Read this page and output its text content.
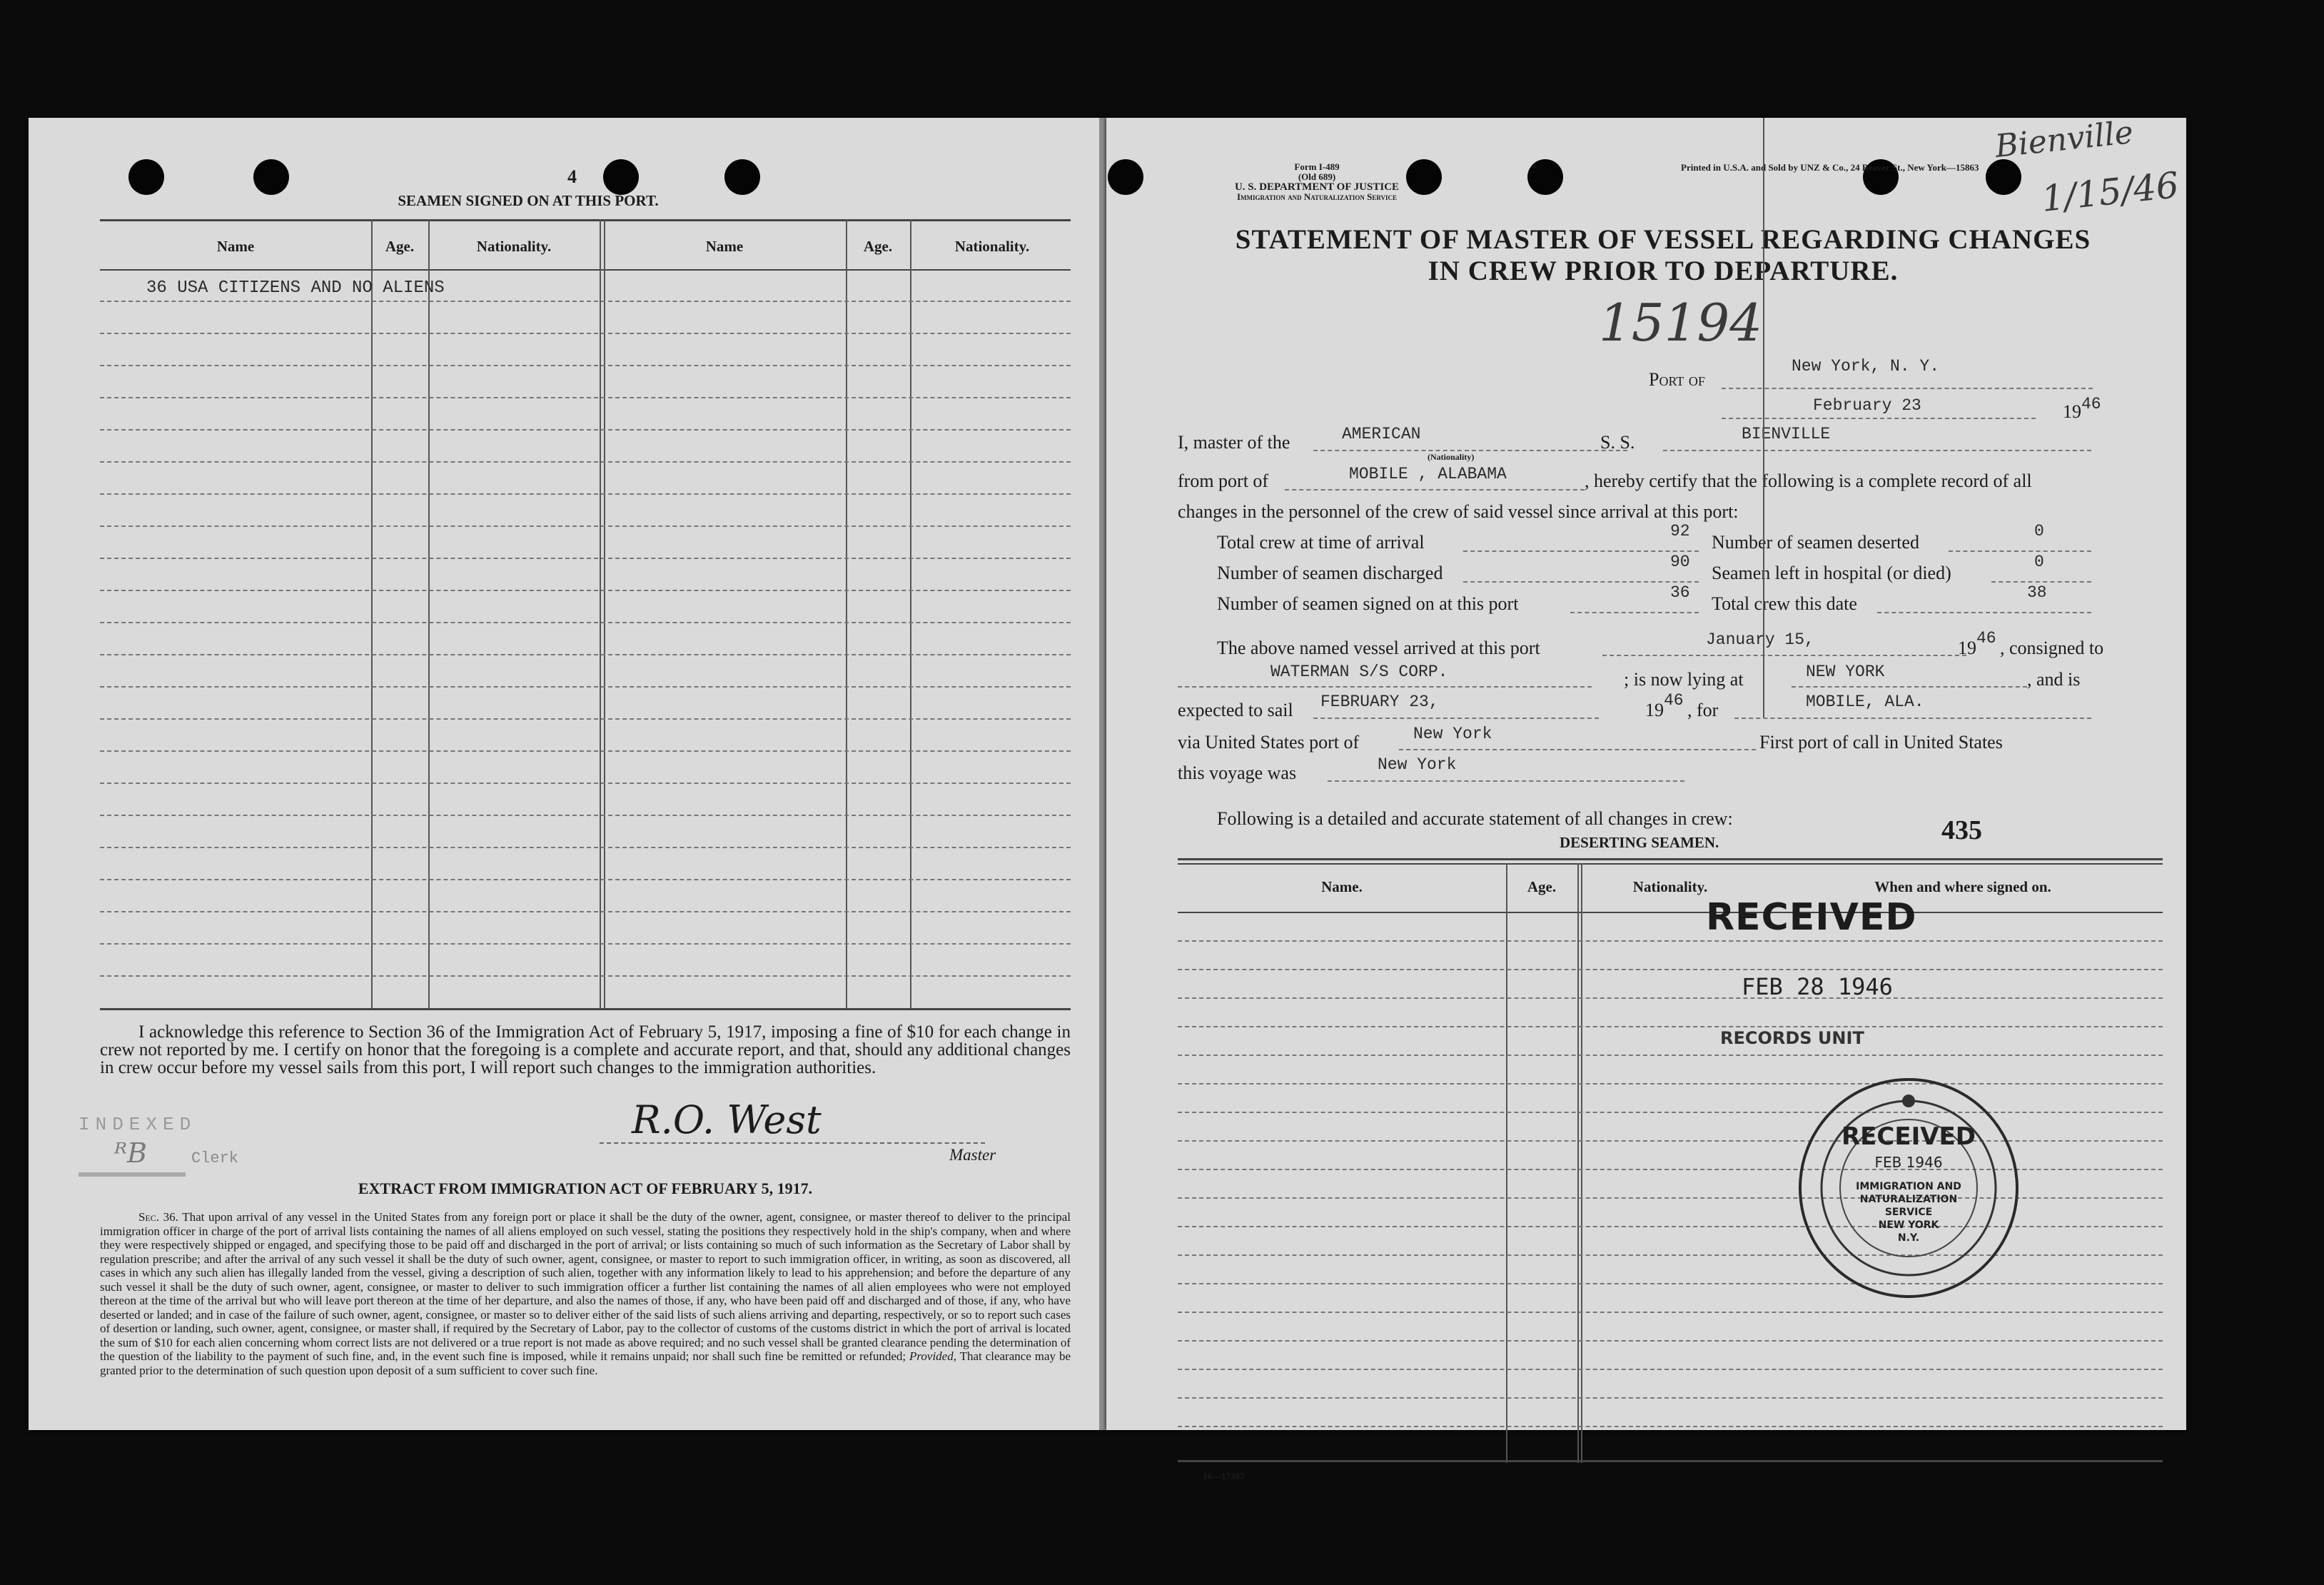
4
SEAMEN SIGNED ON AT THIS PORT.
Name	Age.	Nationality.	Name	Age.	Nationality.
36 USA CITIZENS AND NO ALIENS
I acknowledge this reference to Section 36 of the Immigration Act of February 5, 1917, imposing a fine of $10 for each change in crew not reported by me. I certify on honor that the foregoing is a complete and accurate report, and that, should any additional changes in crew occur before my vessel sails from this port, I will report such changes to the immigration authorities.
INDEXED
ᴿB	Clerk
R.O. West
Master
EXTRACT FROM IMMIGRATION ACT OF FEBRUARY 5, 1917.
Sec. 36. That upon arrival of any vessel in the United States from any foreign port or place it shall be the duty of the owner, agent, consignee, or master thereof to deliver to the principal immigration officer in charge of the port of arrival lists containing the names of all aliens employed on such vessel, stating the positions they respectively hold in the ship's company, when and where they were respectively shipped or engaged, and specifying those to be paid off and discharged in the port of arrival; or lists containing so much of such information as the Secretary of Labor shall by regulation prescribe; and after the arrival of any such vessel it shall be the duty of such owner, agent, consignee, or master to report to such immigration officer, in writing, as soon as discovered, all cases in which any such alien has illegally landed from the vessel, giving a description of such alien, together with any information likely to lead to his apprehension; and before the departure of any such vessel it shall be the duty of such owner, agent, consignee, or master to deliver to such immigration officer a further list containing the names of all alien employees who were not employed thereon at the time of the arrival but who will leave port thereon at the time of her departure, and also the names of those, if any, who have been paid off and discharged and of those, if any, who have deserted or landed; and in case of the failure of such owner, agent, consignee, or master so to deliver either of the said lists of such aliens arriving and departing, respectively, or so to report such cases of desertion or landing, such owner, agent, consignee, or master shall, if required by the Secretary of Labor, pay to the collector of customs of the customs district in which the port of arrival is located the sum of $10 for each alien concerning whom correct lists are not delivered or a true report is not made as above required; and no such vessel shall be granted clearance pending the determination of the question of the liability to the payment of such fine, and, in the event such fine is imposed, while it remains unpaid; nor shall such fine be remitted or refunded; Provided, That clearance may be granted prior to the determination of such question upon deposit of a sum sufficient to cover such fine.
Form I-489
(Old 689)
U. S. DEPARTMENT OF JUSTICE
Immigration and Naturalization Service
Printed in U.S.A. and Sold by UNZ & Co., 24 Beaver St., New York—15863
Bienville
1/15/46
STATEMENT OF MASTER OF VESSEL REGARDING CHANGES
IN CREW PRIOR TO DEPARTURE.
15194
Port of
New York, N. Y.
February 23	19 46
I, master of the	AMERICAN
(Nationality)
S. S.	BIENVILLE
from port of	MOBILE , ALABAMA	, hereby certify that the following is a complete record of all
changes in the personnel of the crew of said vessel since arrival at this port:
Total crew at time of arrival
92
Number of seamen deserted
0
Number of seamen discharged
90
Seamen left in hospital (or died)
0
Number of seamen signed on at this port
36
Total crew this date
38
The above named vessel arrived at this port	January 15,	19 46 , consigned to
WATERMAN S/S CORP.	; is now lying at	NEW YORK	, and is
expected to sail FEBRUARY 23,	19 46 , for	MOBILE, ALA.
via United States port of	New York	First port of call in United States
this voyage was	New York
Following is a detailed and accurate statement of all changes in crew:
DESERTING SEAMEN.	435
Name.	Age.	Nationality.	When and where signed on.
RECEIVED
FEB 28 1946
RECORDS UNIT
RECEIVED
FEB 1946
IMMIGRATION AND
NATURALIZATION
SERVICE
NEW YORK
N.Y.
16—17387
